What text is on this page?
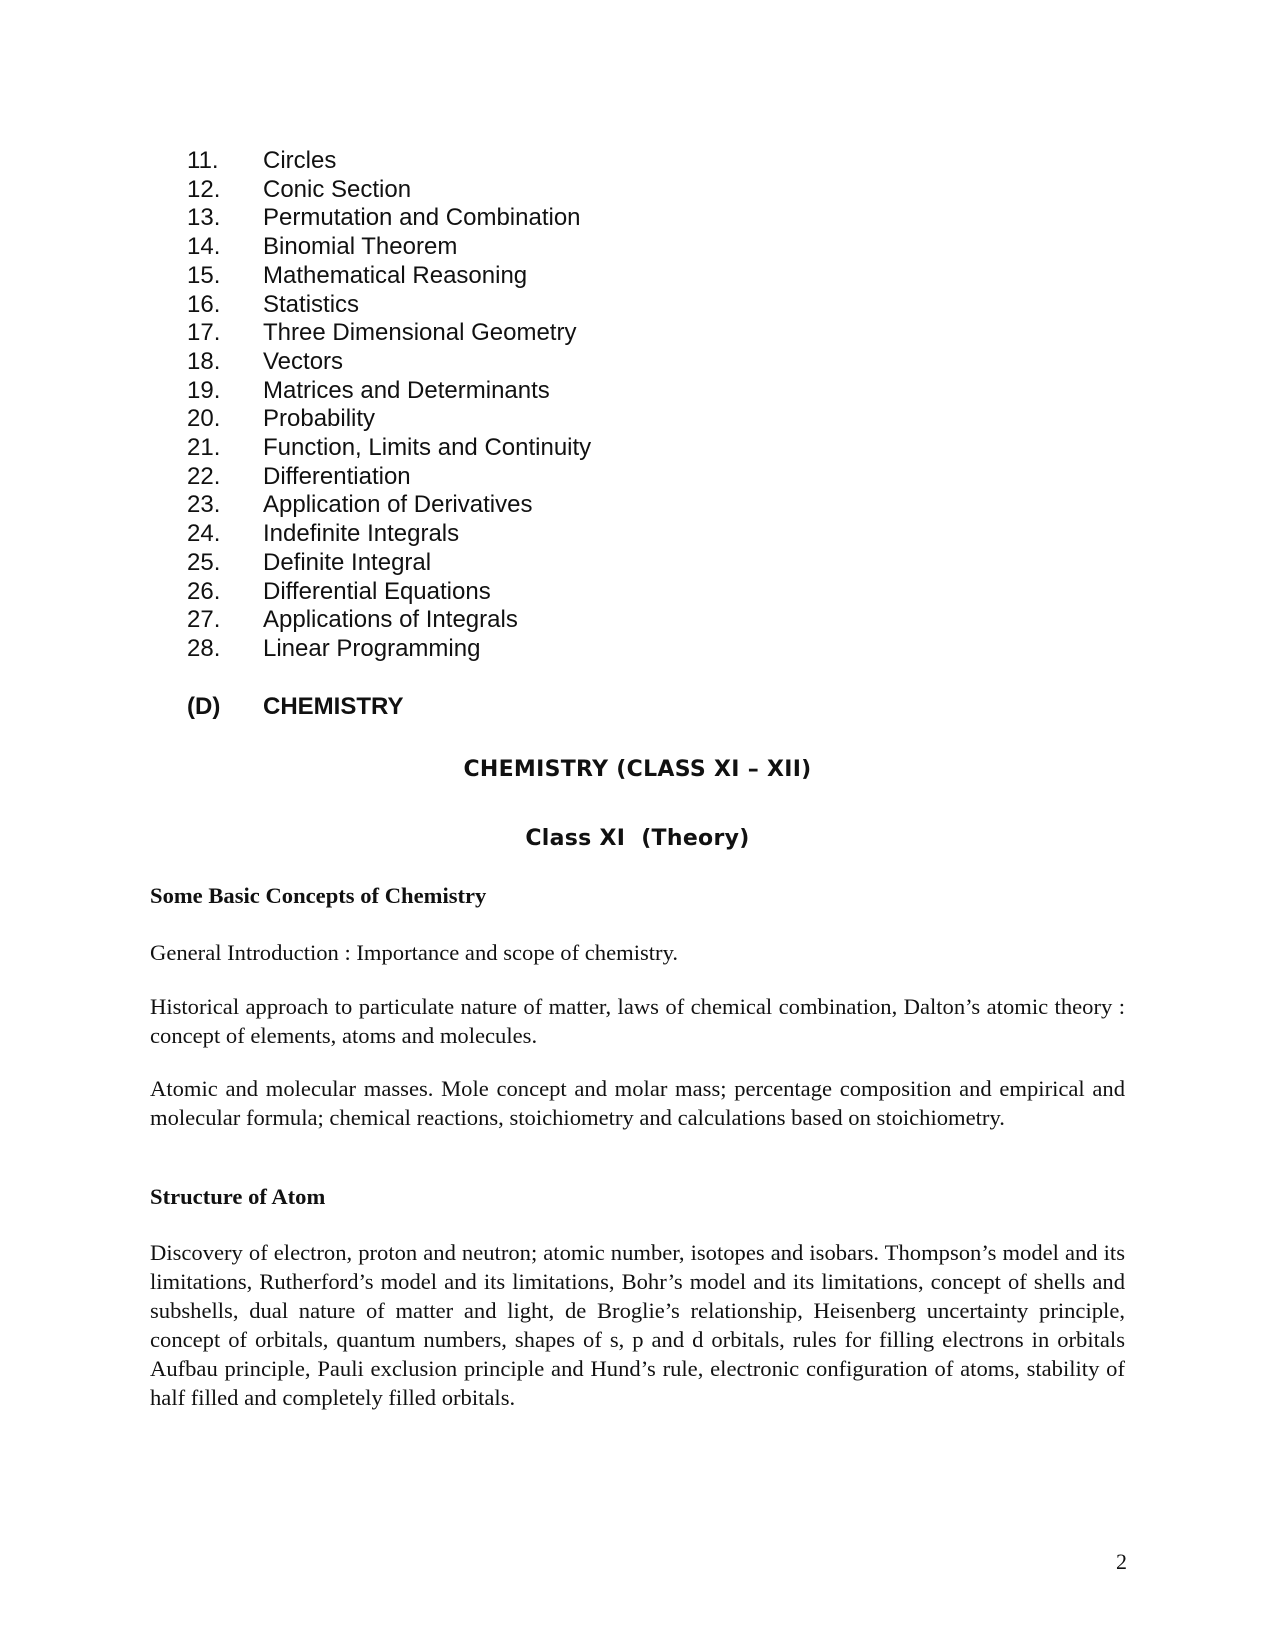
11.	Circles
12.	Conic Section
13.	Permutation and Combination
14.	Binomial Theorem
15.	Mathematical Reasoning
16.	Statistics
17.	Three Dimensional Geometry
18.	Vectors
19.	Matrices and Determinants
20.	Probability
21.	Function, Limits and Continuity
22.	Differentiation
23.	Application of Derivatives
24.	Indefinite Integrals
25.	Definite Integral
26.	Differential Equations
27.	Applications of Integrals
28.	Linear Programming
(D)	CHEMISTRY
CHEMISTRY (CLASS XI – XII)
Class XI  (Theory)

Some Basic Concepts of Chemistry

General Introduction : Importance and scope of chemistry.

Historical approach to particulate nature of matter, laws of chemical combination, Dalton’s atomic theory : concept of elements, atoms and molecules.

Atomic and molecular masses. Mole concept and molar mass; percentage composition and empirical and molecular formula; chemical reactions, stoichiometry and calculations based on stoichiometry.

Structure of Atom

Discovery of electron, proton and neutron; atomic number, isotopes and isobars. Thompson’s model and its limitations, Rutherford’s model and its limitations, Bohr’s model and its limitations, concept of shells and subshells, dual nature of matter and light, de Broglie’s relationship, Heisenberg uncertainty principle, concept of orbitals, quantum numbers, shapes of s, p and d orbitals, rules for filling electrons in orbitals Aufbau principle, Pauli exclusion principle and Hund’s rule, electronic configuration of atoms, stability of half filled and completely filled orbitals.

2
